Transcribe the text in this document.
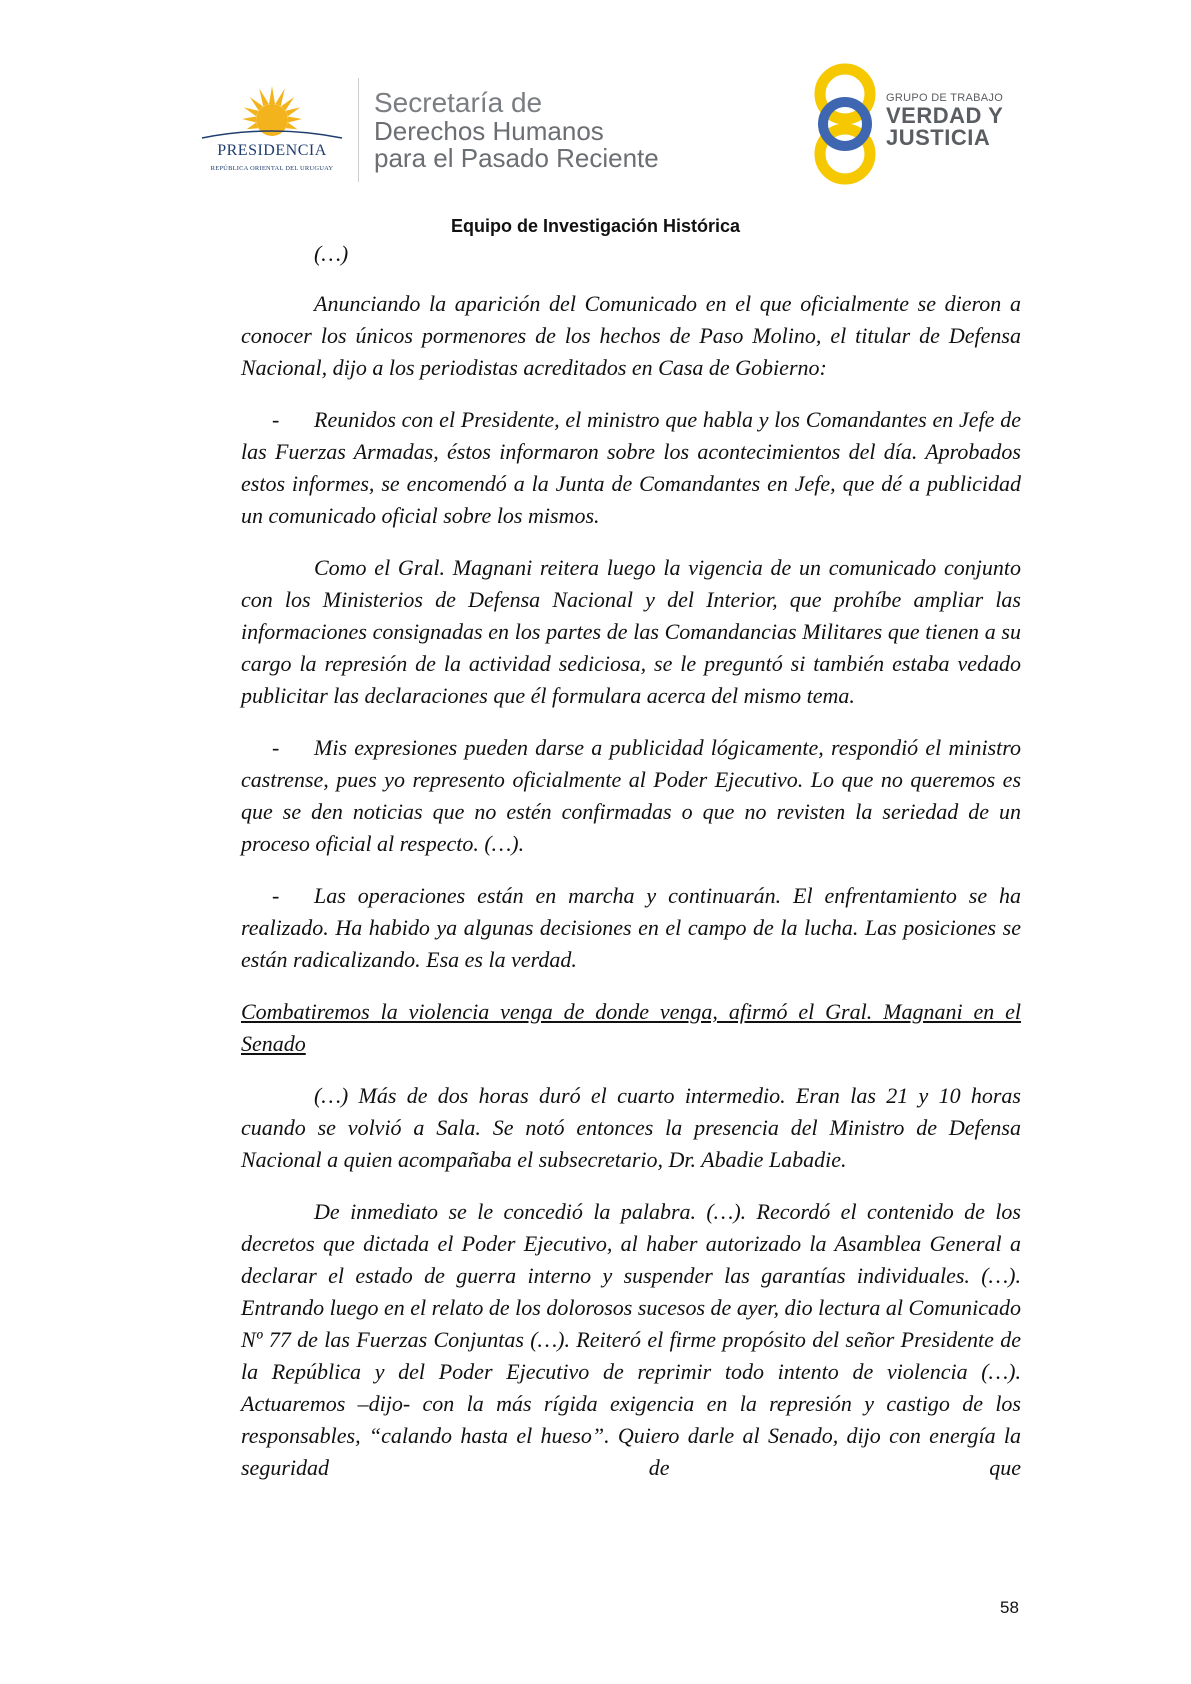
PRESIDENCIA
REPÚBLICA ORIENTAL DEL URUGUAY
Secretaría de
Derechos Humanos
para el Pasado Reciente
GRUPO DE TRABAJO
VERDAD Y
JUSTICIA
Equipo de Investigación Histórica

(…)

Anunciando la aparición del Comunicado en el que oficialmente se dieron a conocer los únicos pormenores de los hechos de Paso Molino, el titular de Defensa Nacional, dijo a los periodistas acreditados en Casa de Gobierno:

- Reunidos con el Presidente, el ministro que habla y los Comandantes en Jefe de las Fuerzas Armadas, éstos informaron sobre los acontecimientos del día. Aprobados estos informes, se encomendó a la Junta de Comandantes en Jefe, que dé a publicidad un comunicado oficial sobre los mismos.

Como el Gral. Magnani reitera luego la vigencia de un comunicado conjunto con los Ministerios de Defensa Nacional y del Interior, que prohíbe ampliar las informaciones consignadas en los partes de las Comandancias Militares que tienen a su cargo la represión de la actividad sediciosa, se le preguntó si también estaba vedado publicitar las declaraciones que él formulara acerca del mismo tema.

- Mis expresiones pueden darse a publicidad lógicamente, respondió el ministro castrense, pues yo represento oficialmente al Poder Ejecutivo. Lo que no queremos es que se den noticias que no estén confirmadas o que no revisten la seriedad de un proceso oficial al respecto. (…).

- Las operaciones están en marcha y continuarán. El enfrentamiento se ha realizado. Ha habido ya algunas decisiones en el campo de la lucha. Las posiciones se están radicalizando. Esa es la verdad.

Combatiremos la violencia venga de donde venga, afirmó el Gral. Magnani en el Senado

(…) Más de dos horas duró el cuarto intermedio. Eran las 21 y 10 horas cuando se volvió a Sala. Se notó entonces la presencia del Ministro de Defensa Nacional a quien acompañaba el subsecretario, Dr. Abadie Labadie.

De inmediato se le concedió la palabra. (…). Recordó el contenido de los decretos que dictada el Poder Ejecutivo, al haber autorizado la Asamblea General a declarar el estado de guerra interno y suspender las garantías individuales. (…). Entrando luego en el relato de los dolorosos sucesos de ayer, dio lectura al Comunicado Nº 77 de las Fuerzas Conjuntas (…). Reiteró el firme propósito del señor Presidente de la República y del Poder Ejecutivo de reprimir todo intento de violencia (…). Actuaremos –dijo- con la más rígida exigencia en la represión y castigo de los responsables, “calando hasta el hueso”. Quiero darle al Senado, dijo con energía la seguridad de que

58
